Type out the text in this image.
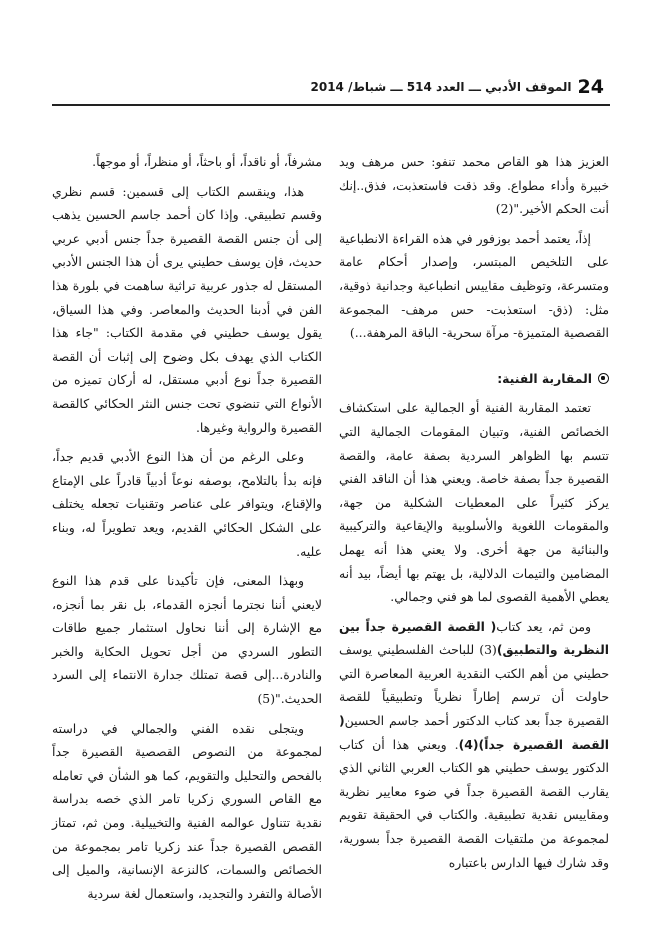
24
الموقف الأدبي ـــ العدد 514 ـــ شباط/ 2014

العزيز هذا هو القاص محمد تنفو: حس مرهف ويد خبيرة وأداء مطواع. وقد ذقت فاستعذبت، فذق..إنك أنت الحكم الأخير."(2)

إذاً، يعتمد أحمد بوزفور في هذه القراءة الانطباعية على التلخيص المبتسر، وإصدار أحكام عامة ومتسرعة، وتوظيف مقاييس انطباعية وجدانية ذوقية، مثل: (ذق- استعذبت- حس مرهف- المجموعة القصصية المتميزة- مرآة سحرية- الباقة المرهفة...)

المقاربة الفنية:

تعتمد المقاربة الفنية أو الجمالية على استكشاف الخصائص الفنية، وتبيان المقومات الجمالية التي تتسم بها الظواهر السردية بصفة عامة، والقصة القصيرة جداً بصفة خاصة. ويعني هذا أن الناقد الفني يركز كثيراً على المعطيات الشكلية من جهة، والمقومات اللغوية والأسلوبية والإيقاعية والتركيبية والبنائية من جهة أخرى. ولا يعني هذا أنه يهمل المضامين والتيمات الدلالية، بل يهتم بها أيضاً، بيد أنه يعطي الأهمية القصوى لما هو فني وجمالي.

ومن ثم، يعد كتاب( القصة القصيرة جداً بين النظرية والتطبيق)(3) للباحث الفلسطيني يوسف حطيني من أهم الكتب النقدية العربية المعاصرة التي حاولت أن ترسم إطاراً نظرياً وتطبيقياً للقصة القصيرة جداً بعد كتاب الدكتور أحمد جاسم الحسين( القصة القصيرة جداً)(4). ويعني هذا أن كتاب الدكتور يوسف حطيني هو الكتاب العربي الثاني الذي يقارب القصة القصيرة جداً في ضوء معايير نظرية ومقاييس نقدية تطبيقية. والكتاب في الحقيقة تقويم لمجموعة من ملتقيات القصة القصيرة جداً بسورية، وقد شارك فيها الدارس باعتباره

مشرفاً، أو ناقداً، أو باحثاً، أو منظراً، أو موجهاً.

هذا، وينقسم الكتاب إلى قسمين: قسم نظري وقسم تطبيقي. وإذا كان أحمد جاسم الحسين يذهب إلى أن جنس القصة القصيرة جداً جنس أدبي عربي حديث، فإن يوسف حطيني يرى أن هذا الجنس الأدبي المستقل له جذور عربية تراثية ساهمت في بلورة هذا الفن في أدبنا الحديث والمعاصر. وفي هذا السياق، يقول يوسف حطيني في مقدمة الكتاب: "جاء هذا الكتاب الذي يهدف بكل وضوح إلى إثبات أن القصة القصيرة جداً نوع أدبي مستقل، له أركان تميزه من الأنواع التي تنضوي تحت جنس النثر الحكائي كالقصة القصيرة والرواية وغيرها.

وعلى الرغم من أن هذا النوع الأدبي قديم جداً، فإنه بدأ بالتلامح، بوصفه نوعاً أدبياً قادراً على الإمتاع والإقناع، ويتوافر على عناصر وتقنيات تجعله يختلف على الشكل الحكائي القديم، ويعد تطويراً له، وبناء عليه.

وبهذا المعنى، فإن تأكيدنا على قدم هذا النوع لايعني أننا نجترما أنجزه القدماء، بل نقر بما أنجزه، مع الإشارة إلى أننا نحاول استثمار جميع طاقات التطور السردي من أجل تحويل الحكاية والخبر والنادرة...إلى قصة تمتلك جدارة الانتماء إلى السرد الحديث."(5)

ويتجلى نقده الفني والجمالي في دراسته لمجموعة من النصوص القصصية القصيرة جداً بالفحص والتحليل والتقويم، كما هو الشأن في تعامله مع القاص السوري زكريا تامر الذي خصه بدراسة نقدية تتناول عوالمه الفنية والتخييلية. ومن ثم، تمتاز القصص القصيرة جداً عند زكريا تامر بمجموعة من الخصائص والسمات، كالنزعة الإنسانية، والميل إلى الأصالة والتفرد والتجديد، واستعمال لغة سردية
